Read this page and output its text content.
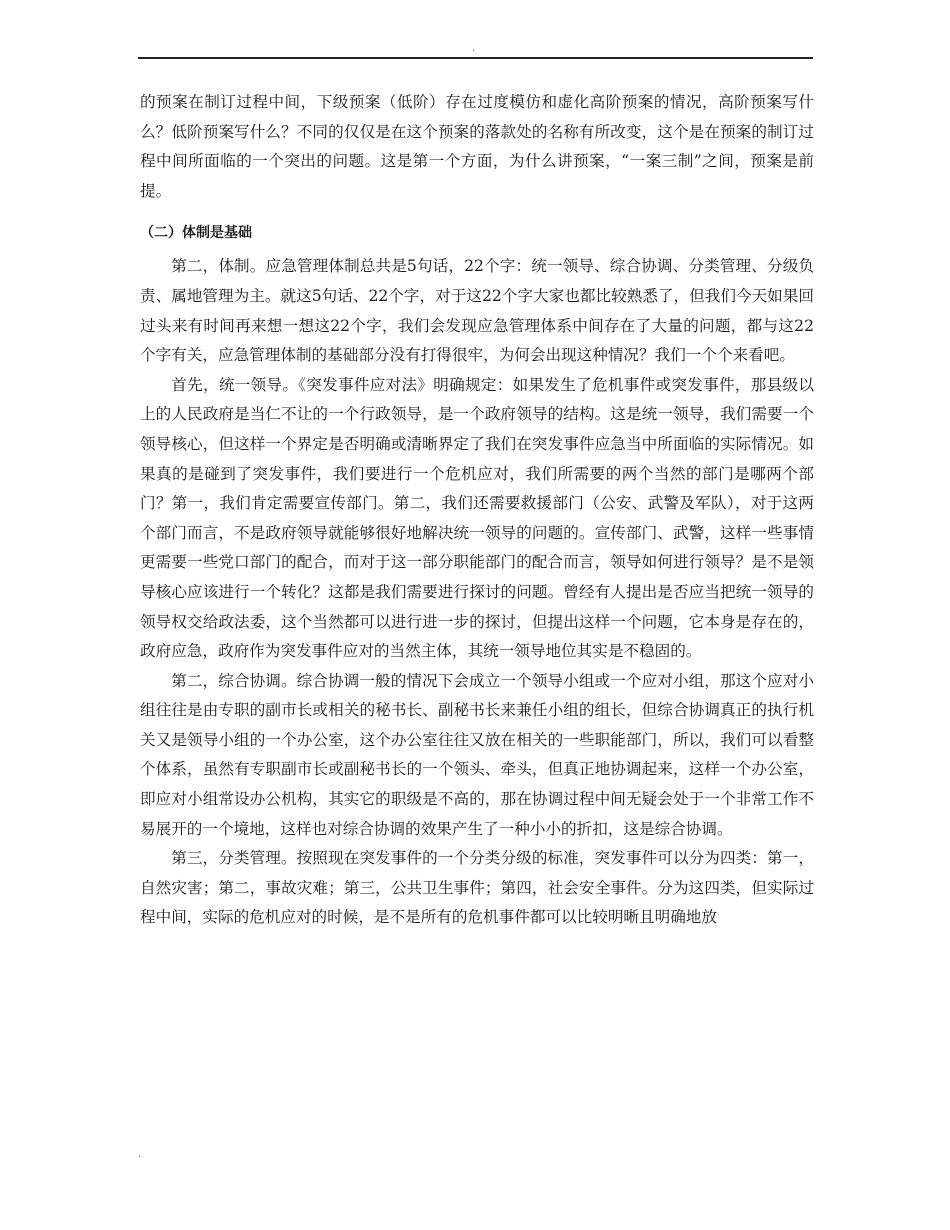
.

的预案在制订过程中间，下级预案（低阶）存在过度模仿和虚化高阶预案的情况，高阶预案写什么？低阶预案写什么？不同的仅仅是在这个预案的落款处的名称有所改变，这个是在预案的制订过程中间所面临的一个突出的问题。这是第一个方面，为什么讲预案，“一案三制”之间，预案是前提。

（二）体制是基础

第二，体制。应急管理体制总共是5句话，22个字：统一领导、综合协调、分类管理、分级负责、属地管理为主。就这5句话、22个字，对于这22个字大家也都比较熟悉了，但我们今天如果回过头来有时间再来想一想这22个字，我们会发现应急管理体系中间存在了大量的问题，都与这22个字有关，应急管理体制的基础部分没有打得很牢，为何会出现这种情况？我们一个个来看吧。

首先，统一领导。《突发事件应对法》明确规定：如果发生了危机事件或突发事件，那县级以上的人民政府是当仁不让的一个行政领导，是一个政府领导的结构。这是统一领导，我们需要一个领导核心，但这样一个界定是否明确或清晰界定了我们在突发事件应急当中所面临的实际情况。如果真的是碰到了突发事件，我们要进行一个危机应对，我们所需要的两个当然的部门是哪两个部门？第一，我们肯定需要宣传部门。第二，我们还需要救援部门（公安、武警及军队），对于这两个部门而言，不是政府领导就能够很好地解决统一领导的问题的。宣传部门、武警，这样一些事情更需要一些党口部门的配合，而对于这一部分职能部门的配合而言，领导如何进行领导？是不是领导核心应该进行一个转化？这都是我们需要进行探讨的问题。曾经有人提出是否应当把统一领导的领导权交给政法委，这个当然都可以进行进一步的探讨，但提出这样一个问题，它本身是存在的，政府应急，政府作为突发事件应对的当然主体，其统一领导地位其实是不稳固的。

第二，综合协调。综合协调一般的情况下会成立一个领导小组或一个应对小组，那这个应对小组往往是由专职的副市长或相关的秘书长、副秘书长来兼任小组的组长，但综合协调真正的执行机关又是领导小组的一个办公室，这个办公室往往又放在相关的一些职能部门，所以，我们可以看整个体系，虽然有专职副市长或副秘书长的一个领头、牵头，但真正地协调起来，这样一个办公室，即应对小组常设办公机构，其实它的职级是不高的，那在协调过程中间无疑会处于一个非常工作不易展开的一个境地，这样也对综合协调的效果产生了一种小小的折扣，这是综合协调。

第三，分类管理。按照现在突发事件的一个分类分级的标准，突发事件可以分为四类：第一，自然灾害；第二，事故灾难；第三，公共卫生事件；第四，社会安全事件。分为这四类，但实际过程中间，实际的危机应对的时候，是不是所有的危机事件都可以比较明晰且明确地放

.
